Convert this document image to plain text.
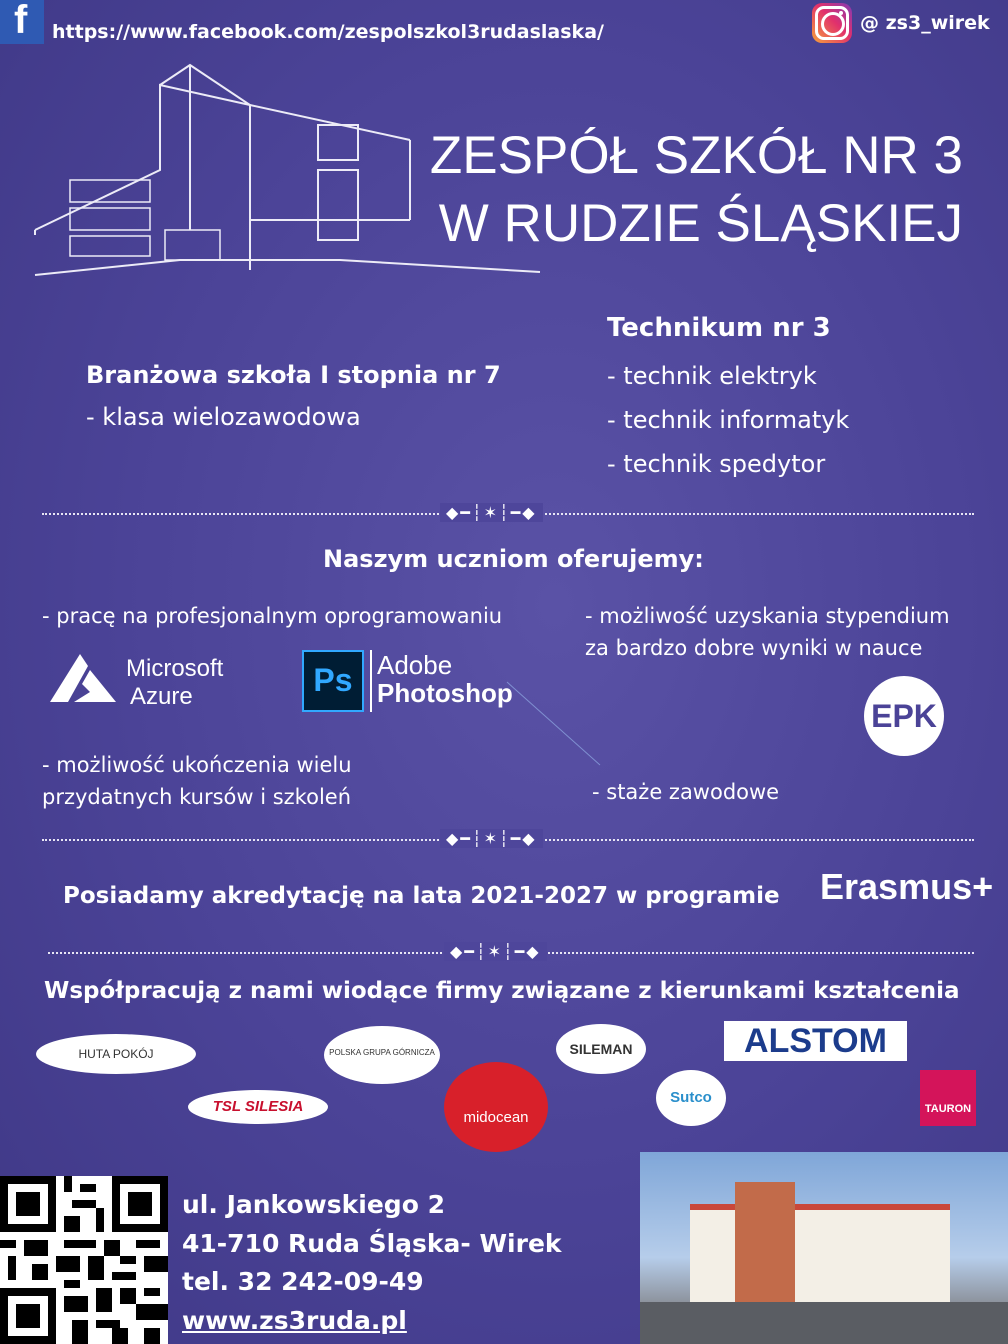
f https://www.facebook.com/zespolszkol3rudaslaska/	@ zs3_wirek
ZESPÓŁ SZKÓŁ NR 3
W RUDZIE ŚLĄSKIEJ
Branżowa szkoła I stopnia nr 7
- klasa wielozawodowa
Technikum nr 3
- technik elektryk
- technik informatyk
- technik spedytor
◆━┆✶┆━◆
Naszym uczniom oferujemy:
- pracę na profesjonalnym oprogramowaniu	- możliwość uzyskania stypendium
za bardzo dobre wyniki w nauce
Microsoft
Azure	Ps Adobe
Photoshop
EPK
- możliwość ukończenia wielu
przydatnych kursów i szkoleń	- staże zawodowe
◆━┆✶┆━◆
Posiadamy akredytację na lata 2021-2027 w programie Erasmus+
◆━┆✶┆━◆
Współpracują z nami wiodące firmy związane z kierunkami kształcenia
HUTA POKÓJ	POLSKA GRUPA GÓRNICZA	SILEMAN	ALSTOM
TSL SILESIA
midocean
Sutco
TAURON
ul. Jankowskiego 2
41-710 Ruda Śląska- Wirek
tel. 32 242-09-49
www.zs3ruda.pl
